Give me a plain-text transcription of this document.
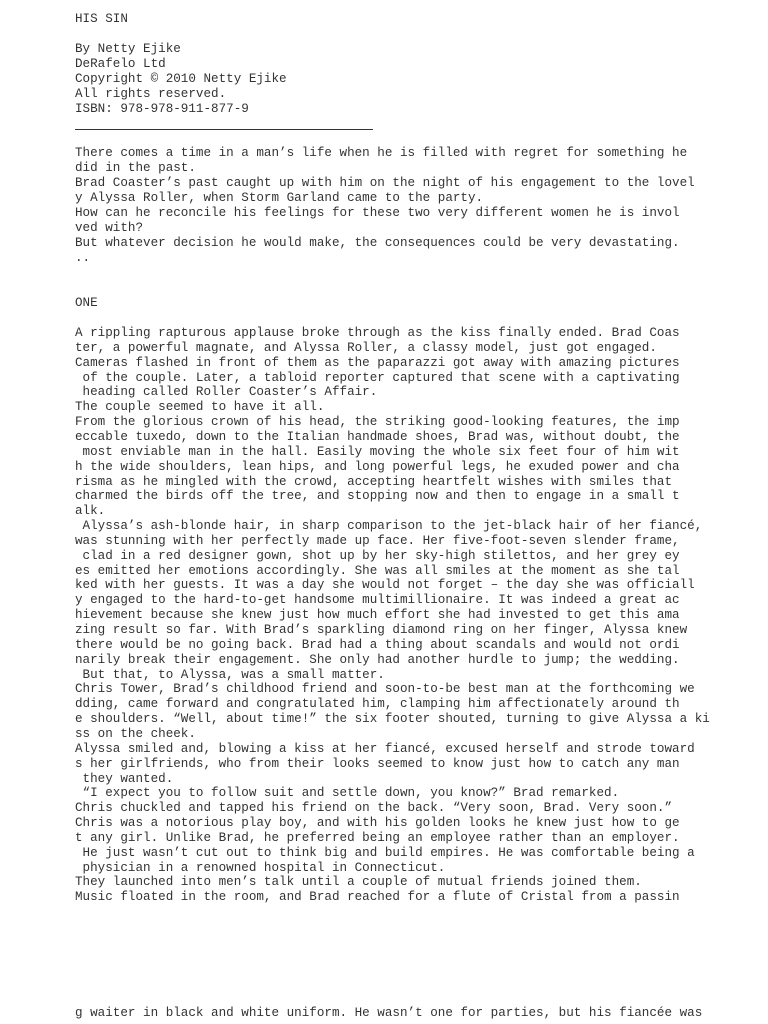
HIS SIN

By Netty Ejike

DeRafelo Ltd

Copyright © 2010 Netty Ejike

All rights reserved.

ISBN: 978-978-911-877-9

There comes a time in a man’s life when he is filled with regret for something he

did in the past.

Brad Coaster’s past caught up with him on the night of his engagement to the lovel

y Alyssa Roller, when Storm Garland came to the party.

How can he reconcile his feelings for these two very different women he is invol

ved with?

But whatever decision he would make, the consequences could be very devastating.

..

ONE

A rippling rapturous applause broke through as the kiss finally ended. Brad Coas

ter, a powerful magnate, and Alyssa Roller, a classy model, just got engaged.

Cameras flashed in front of them as the paparazzi got away with amazing pictures

of the couple. Later, a tabloid reporter captured that scene with a captivating

heading called Roller Coaster’s Affair.

The couple seemed to have it all.

From the glorious crown of his head, the striking good-looking features, the imp

eccable tuxedo, down to the Italian handmade shoes, Brad was, without doubt, the

most enviable man in the hall. Easily moving the whole six feet four of him wit

h the wide shoulders, lean hips, and long powerful legs, he exuded power and cha

risma as he mingled with the crowd, accepting heartfelt wishes with smiles that

charmed the birds off the tree, and stopping now and then to engage in a small t

alk.

Alyssa’s ash-blonde hair, in sharp comparison to the jet-black hair of her fiancé,

was stunning with her perfectly made up face. Her five-foot-seven slender frame,

clad in a red designer gown, shot up by her sky-high stilettos, and her grey ey

es emitted her emotions accordingly. She was all smiles at the moment as she tal

ked with her guests. It was a day she would not forget – the day she was officiall

y engaged to the hard-to-get handsome multimillionaire. It was indeed a great ac

hievement because she knew just how much effort she had invested to get this ama

zing result so far. With Brad’s sparkling diamond ring on her finger, Alyssa knew

there would be no going back. Brad had a thing about scandals and would not ordi

narily break their engagement. She only had another hurdle to jump; the wedding.

But that, to Alyssa, was a small matter.

Chris Tower, Brad’s childhood friend and soon-to-be best man at the forthcoming we

dding, came forward and congratulated him, clamping him affectionately around th

e shoulders. “Well, about time!” the six footer shouted, turning to give Alyssa a ki

ss on the cheek.

Alyssa smiled and, blowing a kiss at her fiancé, excused herself and strode toward

s her girlfriends, who from their looks seemed to know just how to catch any man

they wanted.

“I expect you to follow suit and settle down, you know?” Brad remarked.

Chris chuckled and tapped his friend on the back. “Very soon, Brad. Very soon.”

Chris was a notorious play boy, and with his golden looks he knew just how to ge

t any girl. Unlike Brad, he preferred being an employee rather than an employer.

He just wasn’t cut out to think big and build empires. He was comfortable being a

physician in a renowned hospital in Connecticut.

They launched into men’s talk until a couple of mutual friends joined them.

Music floated in the room, and Brad reached for a flute of Cristal from a passin

g waiter in black and white uniform. He wasn’t one for parties, but his fiancée was
